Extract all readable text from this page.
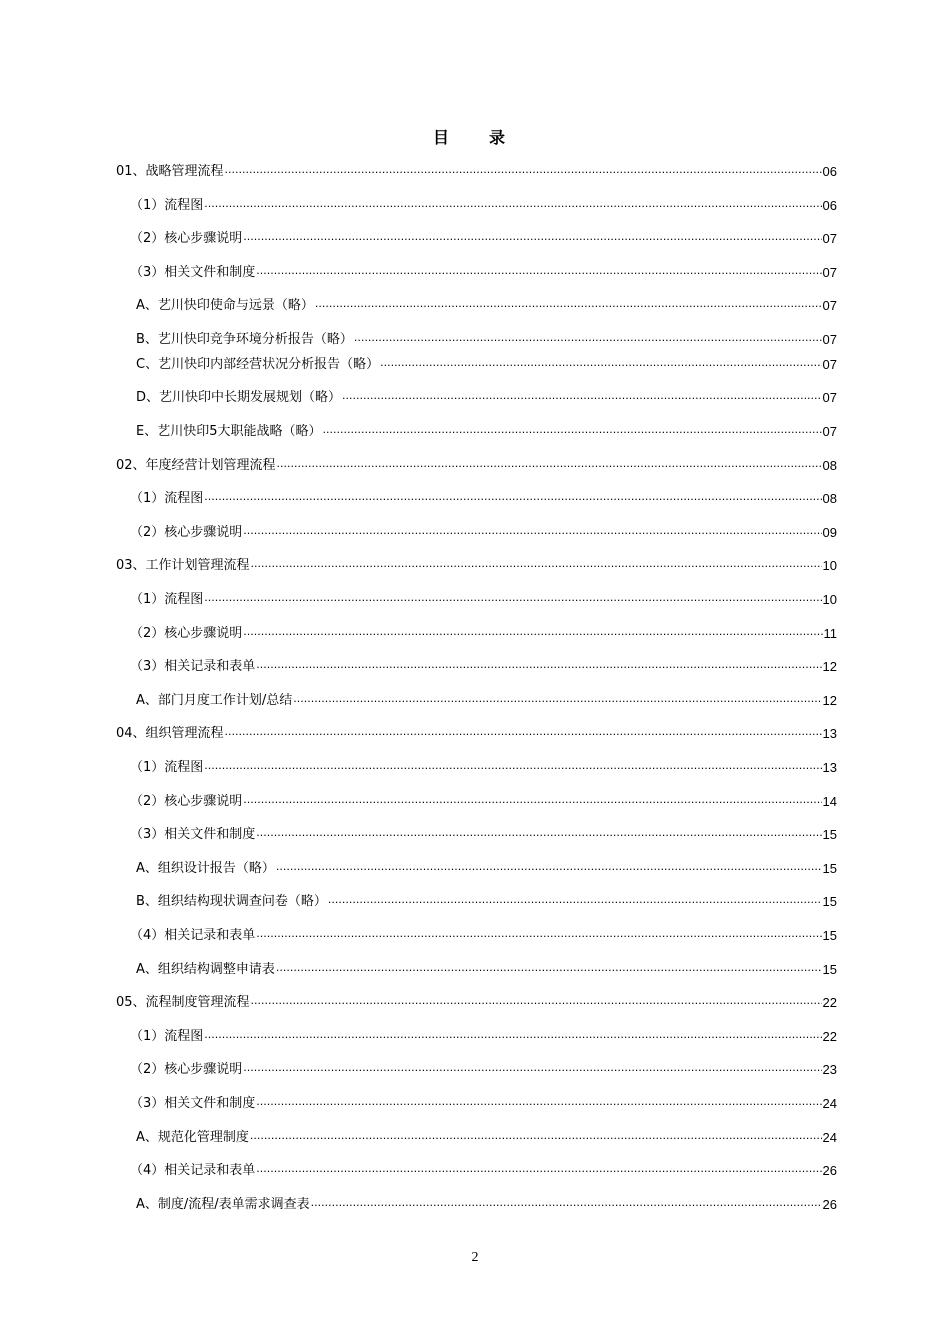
目　录
01、战略管理流程 ·····	06
（1）流程图 ·····	06
（2）核心步骤说明 ·····	07
（3）相关文件和制度 ·····	07
A、艺川快印使命与远景（略） ·····	07
B、艺川快印竞争环境分析报告（略） ·····	07
C、艺川快印内部经营状况分析报告（略） ·····	07
D、艺川快印中长期发展规划（略） ·····	07
E、艺川快印5大职能战略（略） ·····	07
02、年度经营计划管理流程 ·····	08
（1）流程图 ·····	08
（2）核心步骤说明 ·····	09
03、工作计划管理流程 ·····	10
（1）流程图 ·····	10
（2）核心步骤说明 ·····	11
（3）相关记录和表单 ·····	12
A、部门月度工作计划/总结 ·····	12
04、组织管理流程 ·····	13
（1）流程图 ·····	13
（2）核心步骤说明 ·····	14
（3）相关文件和制度 ·····	15
A、组织设计报告（略） ·····	15
B、组织结构现状调查问卷（略） ·····	15
（4）相关记录和表单 ·····	15
A、组织结构调整申请表 ·····	15
05、流程制度管理流程 ·····	22
（1）流程图 ·····	22
（2）核心步骤说明 ·····	23
（3）相关文件和制度 ·····	24
A、规范化管理制度 ·····	24
（4）相关记录和表单 ·····	26
A、制度/流程/表单需求调查表 ·····	26
2
